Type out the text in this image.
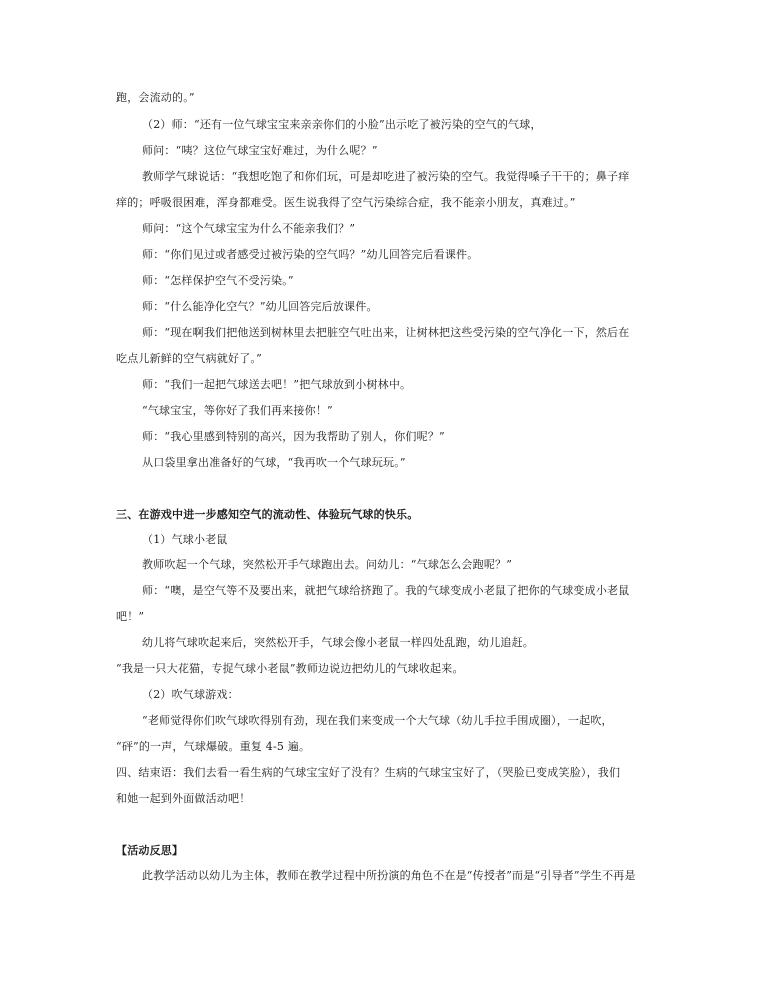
跑，会流动的。”
（2）师：“还有一位气球宝宝来亲亲你们的小脸”出示吃了被污染的空气的气球，
师问：“咦？这位气球宝宝好难过，为什么呢？”
教师学气球说话：“我想吃饱了和你们玩，可是却吃进了被污染的空气。我觉得嗓子干干的；鼻子痒
痒的；呼吸很困难，浑身都难受。医生说我得了空气污染综合症，我不能亲小朋友，真难过。”
师问：“这个气球宝宝为什么不能亲我们？”
师：“你们见过或者感受过被污染的空气吗？”幼儿回答完后看课件。
师：“怎样保护空气不受污染。”
师：“什么能净化空气？”幼儿回答完后放课件。
师：“现在啊我们把他送到树林里去把脏空气吐出来，让树林把这些受污染的空气净化一下，然后在
吃点儿新鲜的空气病就好了。”
师：“我们一起把气球送去吧！”把气球放到小树林中。
“气球宝宝，等你好了我们再来接你！”
师：“我心里感到特别的高兴，因为我帮助了别人，你们呢？”
从口袋里拿出准备好的气球，“我再吹一个气球玩玩。”
三、在游戏中进一步感知空气的流动性、体验玩气球的快乐。
（1）气球小老鼠
教师吹起一个气球，突然松开手气球跑出去。问幼儿：“气球怎么会跑呢？”
师：“噢，是空气等不及要出来，就把气球给挤跑了。我的气球变成小老鼠了把你的气球变成小老鼠
吧！”
幼儿将气球吹起来后，突然松开手，气球会像小老鼠一样四处乱跑，幼儿追赶。
“我是一只大花猫，专捉气球小老鼠”教师边说边把幼儿的气球收起来。
（2）吹气球游戏：
“老师觉得你们吹气球吹得别有劲，现在我们来变成一个大气球（幼儿手拉手围成圈），一起吹，
“砰”的一声，气球爆破。重复 4-5 遍。
四、结束语：我们去看一看生病的气球宝宝好了没有？生病的气球宝宝好了，（哭脸已变成笑脸），我们
和她一起到外面做活动吧！
【活动反思】
此教学活动以幼儿为主体，教师在教学过程中所扮演的角色不在是“传授者”而是“引导者”学生不再是
